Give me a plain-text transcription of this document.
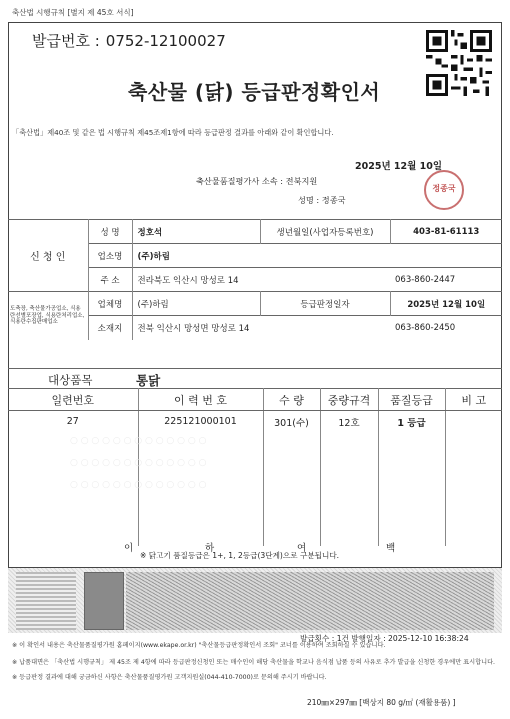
축산법 시행규칙 [별지 제 45호 서식]
발급번호 : 0752-12100027
축산물 (닭) 등급판정확인서
「축산법」제40조 및 같은 법 시행규칙 제45조제1항에 따라 등급판정 결과를 아래와 같이 확인합니다.
2025년 12월 10일
축산물품질평가사 소속 : 전북지원
성명 : 정종국
정종국
신 청 인	성 명	정호석	생년월일(사업자등록번호)	403-81-61113
	업소명	(주)하림		
	주 소	전라북도 익산시 망성로 14		063-860-2447
도축장, 축산물가공업소, 식용란선별포장업, 식용란처리업소, 식용란수집판매업소	업체명	(주)하림	등급판정일자	2025년 12월 10일
	소재지	전북 익산시 망성면 망성로 14		063-860-2450
대상품목	통닭
일련번호	이 력 번 호	수 량	중량규격	품질등급	비 고
27	225121000101	301(수)	12호	1 등급	
○ ○ ○ ○ ○ ○ ○ ○ ○ ○ ○ ○ ○
○ ○ ○ ○ ○ ○ ○ ○ ○ ○ ○ ○ ○
○ ○ ○ ○ ○ ○ ○ ○ ○ ○ ○ ○ ○
이	하	여	백
※ 닭고기 품질등급은 1+, 1, 2등급(3단계)으로 구분됩니다.
발급횟수 : 1건 발행일자 : 2025-12-10 16:38:24
※ 이 확인서 내용은 축산물품질평가원 홈페이지(www.ekape.or.kr) "축산물등급판정확인서 조회" 코너를 이용하여 조회하실 수 있습니다.
※ 납품대면은 「축산법 시행규칙」 제 45조 제 4항에 따라 등급판정신청인 또는 매수인이 해당 축산물을 학교나 음식점 납품 등의 사유로 추가 발급을 신청한 경우에만 표시합니다.
※ 등급판정 결과에 대해 궁금하신 사항은 축산물품질평가원 고객지원실(044-410-7000)로 문의해 주시기 바랍니다.
210㎜×297㎜ [백상지 80 g/㎡ (재활용품) ]
